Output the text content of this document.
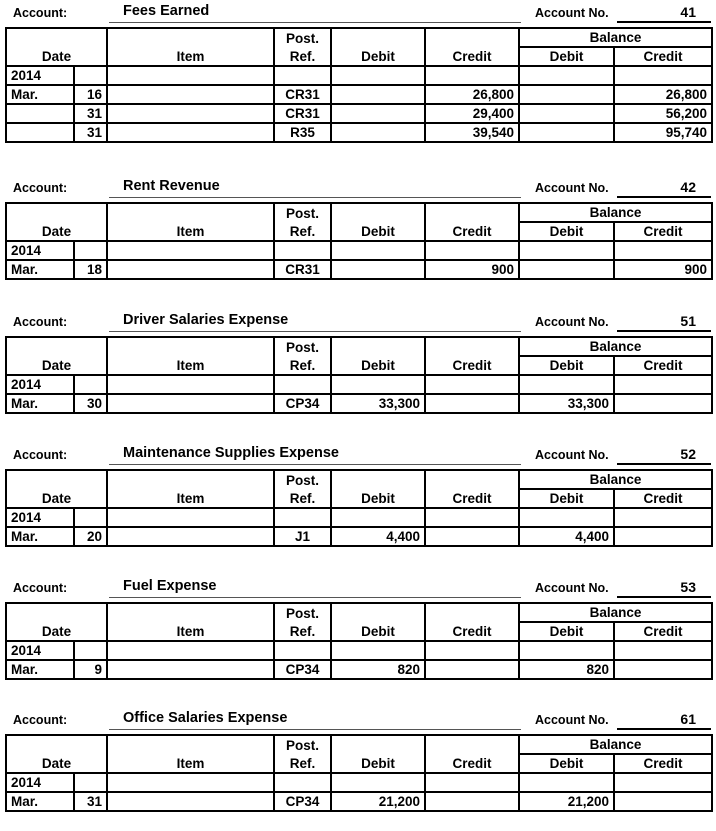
Account:	Fees Earned	Account No.	41
Date		Item	Post.	Debit	Credit	Balance	
			Ref.			Debit	Credit
2014							
Mar.	16		CR31		26,800		26,800
	31		CR31		29,400		56,200
	31		R35		39,540		95,740
Account:	Rent Revenue	Account No.	42
Date		Item	Post.	Debit	Credit	Balance	
			Ref.			Debit	Credit
2014							
Mar.	18		CR31		900		900
Account:	Driver Salaries Expense	Account No.	51
Date		Item	Post.	Debit	Credit	Balance	
			Ref.			Debit	Credit
2014							
Mar.	30		CP34	33,300		33,300	
Account:	Maintenance Supplies Expense	Account No.	52
Date		Item	Post.	Debit	Credit	Balance	
			Ref.			Debit	Credit
2014							
Mar.	20		J1	4,400		4,400	
Account:	Fuel Expense	Account No.	53
Date		Item	Post.	Debit	Credit	Balance	
			Ref.			Debit	Credit
2014							
Mar.	9		CP34	820		820	
Account:	Office Salaries Expense	Account No.	61
Date		Item	Post.	Debit	Credit	Balance	
			Ref.			Debit	Credit
2014							
Mar.	31		CP34	21,200		21,200	
